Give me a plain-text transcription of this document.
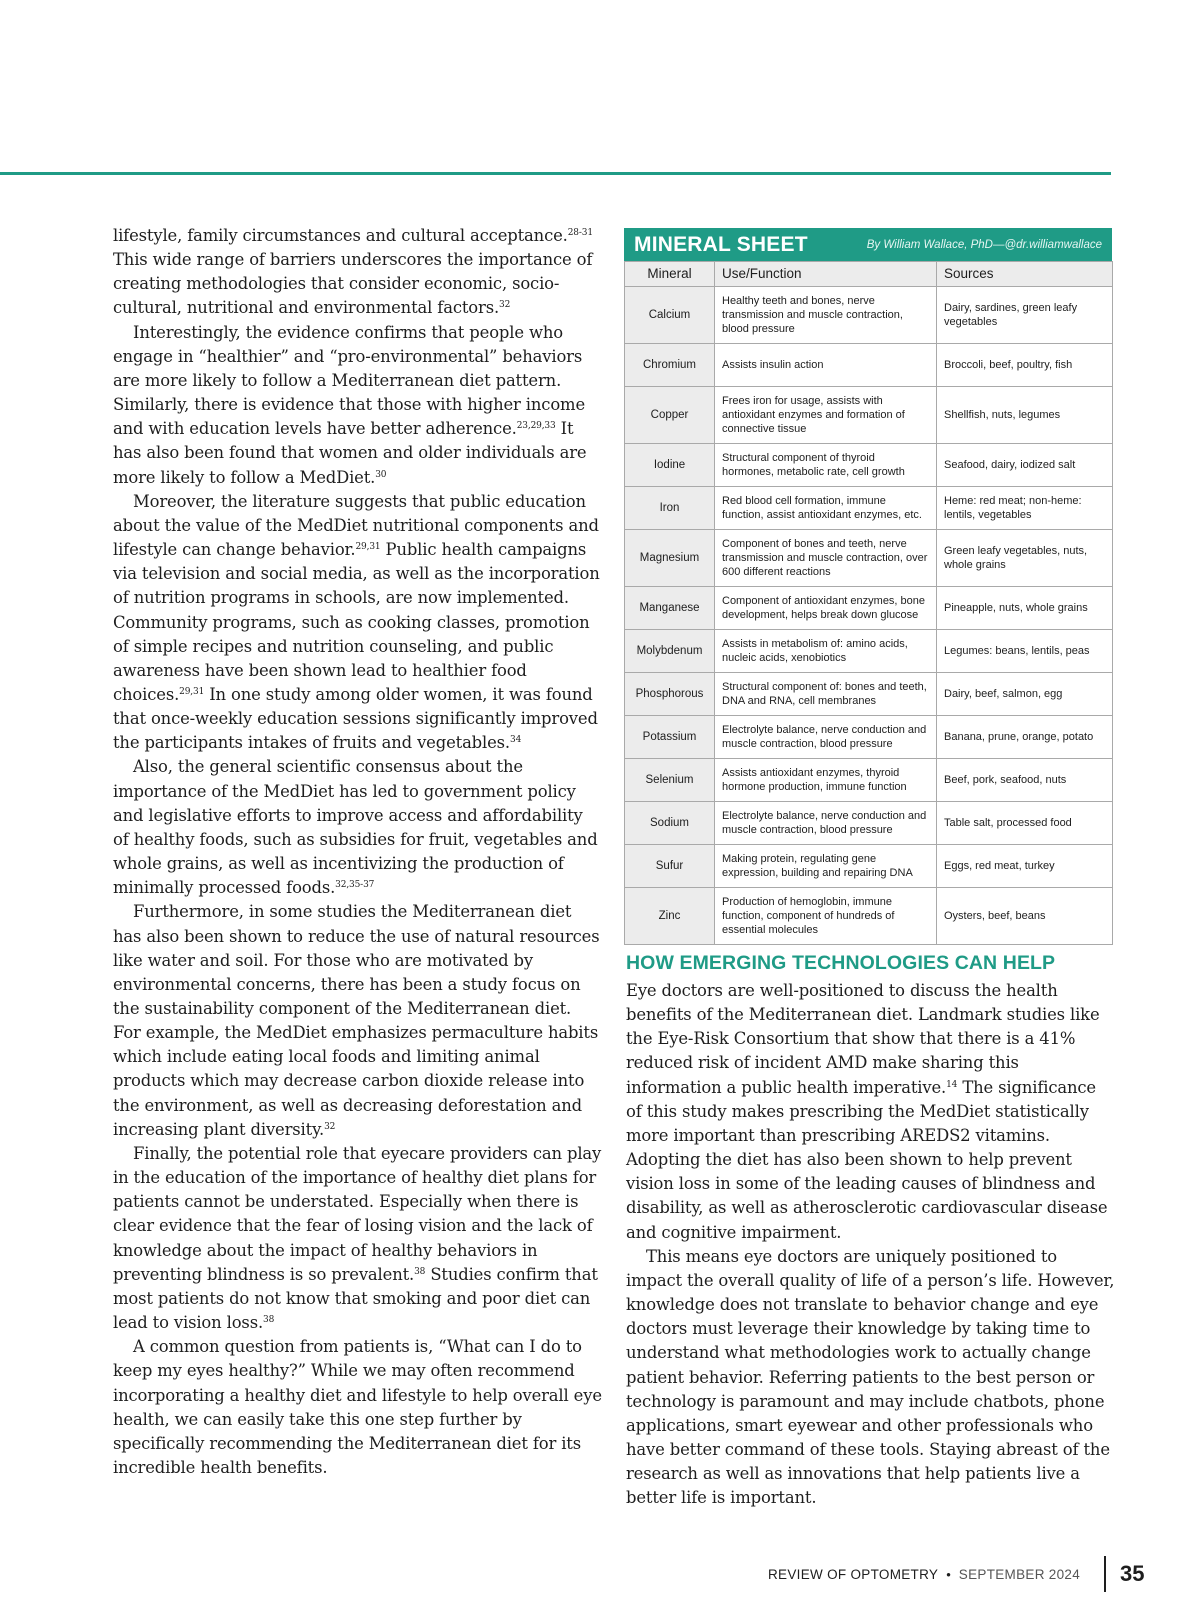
lifestyle, family circumstances and cultural acceptance.$^{28-31}$ This wide range of barriers underscores the importance of creating methodologies that consider economic, socio-cultural, nutritional and environmental factors.$^{32}$

Interestingly, the evidence confirms that people who engage in “healthier” and “pro-environmental” behaviors are more likely to follow a Mediterranean diet pattern. Similarly, there is evidence that those with higher income and with education levels have better adherence.$^{23,29,33}$ It has also been found that women and older individuals are more likely to follow a MedDiet.$^{30}$

Moreover, the literature suggests that public education about the value of the MedDiet nutritional components and lifestyle can change behavior.$^{29,31}$ Public health campaigns via television and social media, as well as the incorporation of nutrition programs in schools, are now implemented. Community programs, such as cooking classes, promotion of simple recipes and nutrition counseling, and public awareness have been shown lead to healthier food choices.$^{29,31}$ In one study among older women, it was found that once-weekly education sessions significantly improved the participants intakes of fruits and vegetables.$^{34}$

Also, the general scientific consensus about the importance of the MedDiet has led to government policy and legislative efforts to improve access and affordability of healthy foods, such as subsidies for fruit, vegetables and whole grains, as well as incentivizing the production of minimally processed foods.$^{32,35-37}$

Furthermore, in some studies the Mediterranean diet has also been shown to reduce the use of natural resources like water and soil. For those who are motivated by environmental concerns, there has been a study focus on the sustainability component of the Mediterranean diet. For example, the MedDiet emphasizes permaculture habits which include eating local foods and limiting animal products which may decrease carbon dioxide release into the environment, as well as decreasing deforestation and increasing plant diversity.$^{32}$

Finally, the potential role that eyecare providers can play in the education of the importance of healthy diet plans for patients cannot be understated. Especially when there is clear evidence that the fear of losing vision and the lack of knowledge about the impact of healthy behaviors in preventing blindness is so prevalent.$^{38}$ Studies confirm that most patients do not know that smoking and poor diet can lead to vision loss.$^{38}$

A common question from patients is, “What can I do to keep my eyes healthy?” While we may often recommend incorporating a healthy diet and lifestyle to help overall eye health, we can easily take this one step further by specifically recommending the Mediterranean diet for its incredible health benefits.

MINERAL SHEET	By William Wallace, PhD—@dr.williamwallace
Mineral	Use/Function	Sources
Calcium	Healthy teeth and bones, nerve transmission and muscle contraction, blood pressure	Dairy, sardines, green leafy vegetables
Chromium	Assists insulin action	Broccoli, beef, poultry, fish
Copper	Frees iron for usage, assists with antioxidant enzymes and formation of connective tissue	Shellfish, nuts, legumes
Iodine	Structural component of thyroid hormones, metabolic rate, cell growth	Seafood, dairy, iodized salt
Iron	Red blood cell formation, immune function, assist antioxidant enzymes, etc.	Heme: red meat; non-heme: lentils, vegetables
Magnesium	Component of bones and teeth, nerve transmission and muscle contraction, over 600 different reactions	Green leafy vegetables, nuts, whole grains
Manganese	Component of antioxidant enzymes, bone development, helps break down glucose	Pineapple, nuts, whole grains
Molybdenum	Assists in metabolism of: amino acids, nucleic acids, xenobiotics	Legumes: beans, lentils, peas
Phosphorous	Structural component of: bones and teeth, DNA and RNA, cell membranes	Dairy, beef, salmon, egg
Potassium	Electrolyte balance, nerve conduction and muscle contraction, blood pressure	Banana, prune, orange, potato
Selenium	Assists antioxidant enzymes, thyroid hormone production, immune function	Beef, pork, seafood, nuts
Sodium	Electrolyte balance, nerve conduction and muscle contraction, blood pressure	Table salt, processed food
Sufur	Making protein, regulating gene expression, building and repairing DNA	Eggs, red meat, turkey
Zinc	Production of hemoglobin, immune function, component of hundreds of essential molecules	Oysters, beef, beans
HOW EMERGING TECHNOLOGIES CAN HELP

Eye doctors are well-positioned to discuss the health benefits of the Mediterranean diet. Landmark studies like the Eye-Risk Consortium that show that there is a 41% reduced risk of incident AMD make sharing this information a public health imperative.$^{14}$ The significance of this study makes prescribing the MedDiet statistically more important than prescribing AREDS2 vitamins. Adopting the diet has also been shown to help prevent vision loss in some of the leading causes of blindness and disability, as well as atherosclerotic cardiovascular disease and cognitive impairment.

This means eye doctors are uniquely positioned to impact the overall quality of life of a person’s life. However, knowledge does not translate to behavior change and eye doctors must leverage their knowledge by taking time to understand what methodologies work to actually change patient behavior. Referring patients to the best person or technology is paramount and may include chatbots, phone applications, smart eyewear and other professionals who have better command of these tools. Staying abreast of the research as well as innovations that help patients live a better life is important.

REVIEW OF OPTOMETRY • SEPTEMBER 2024 35
